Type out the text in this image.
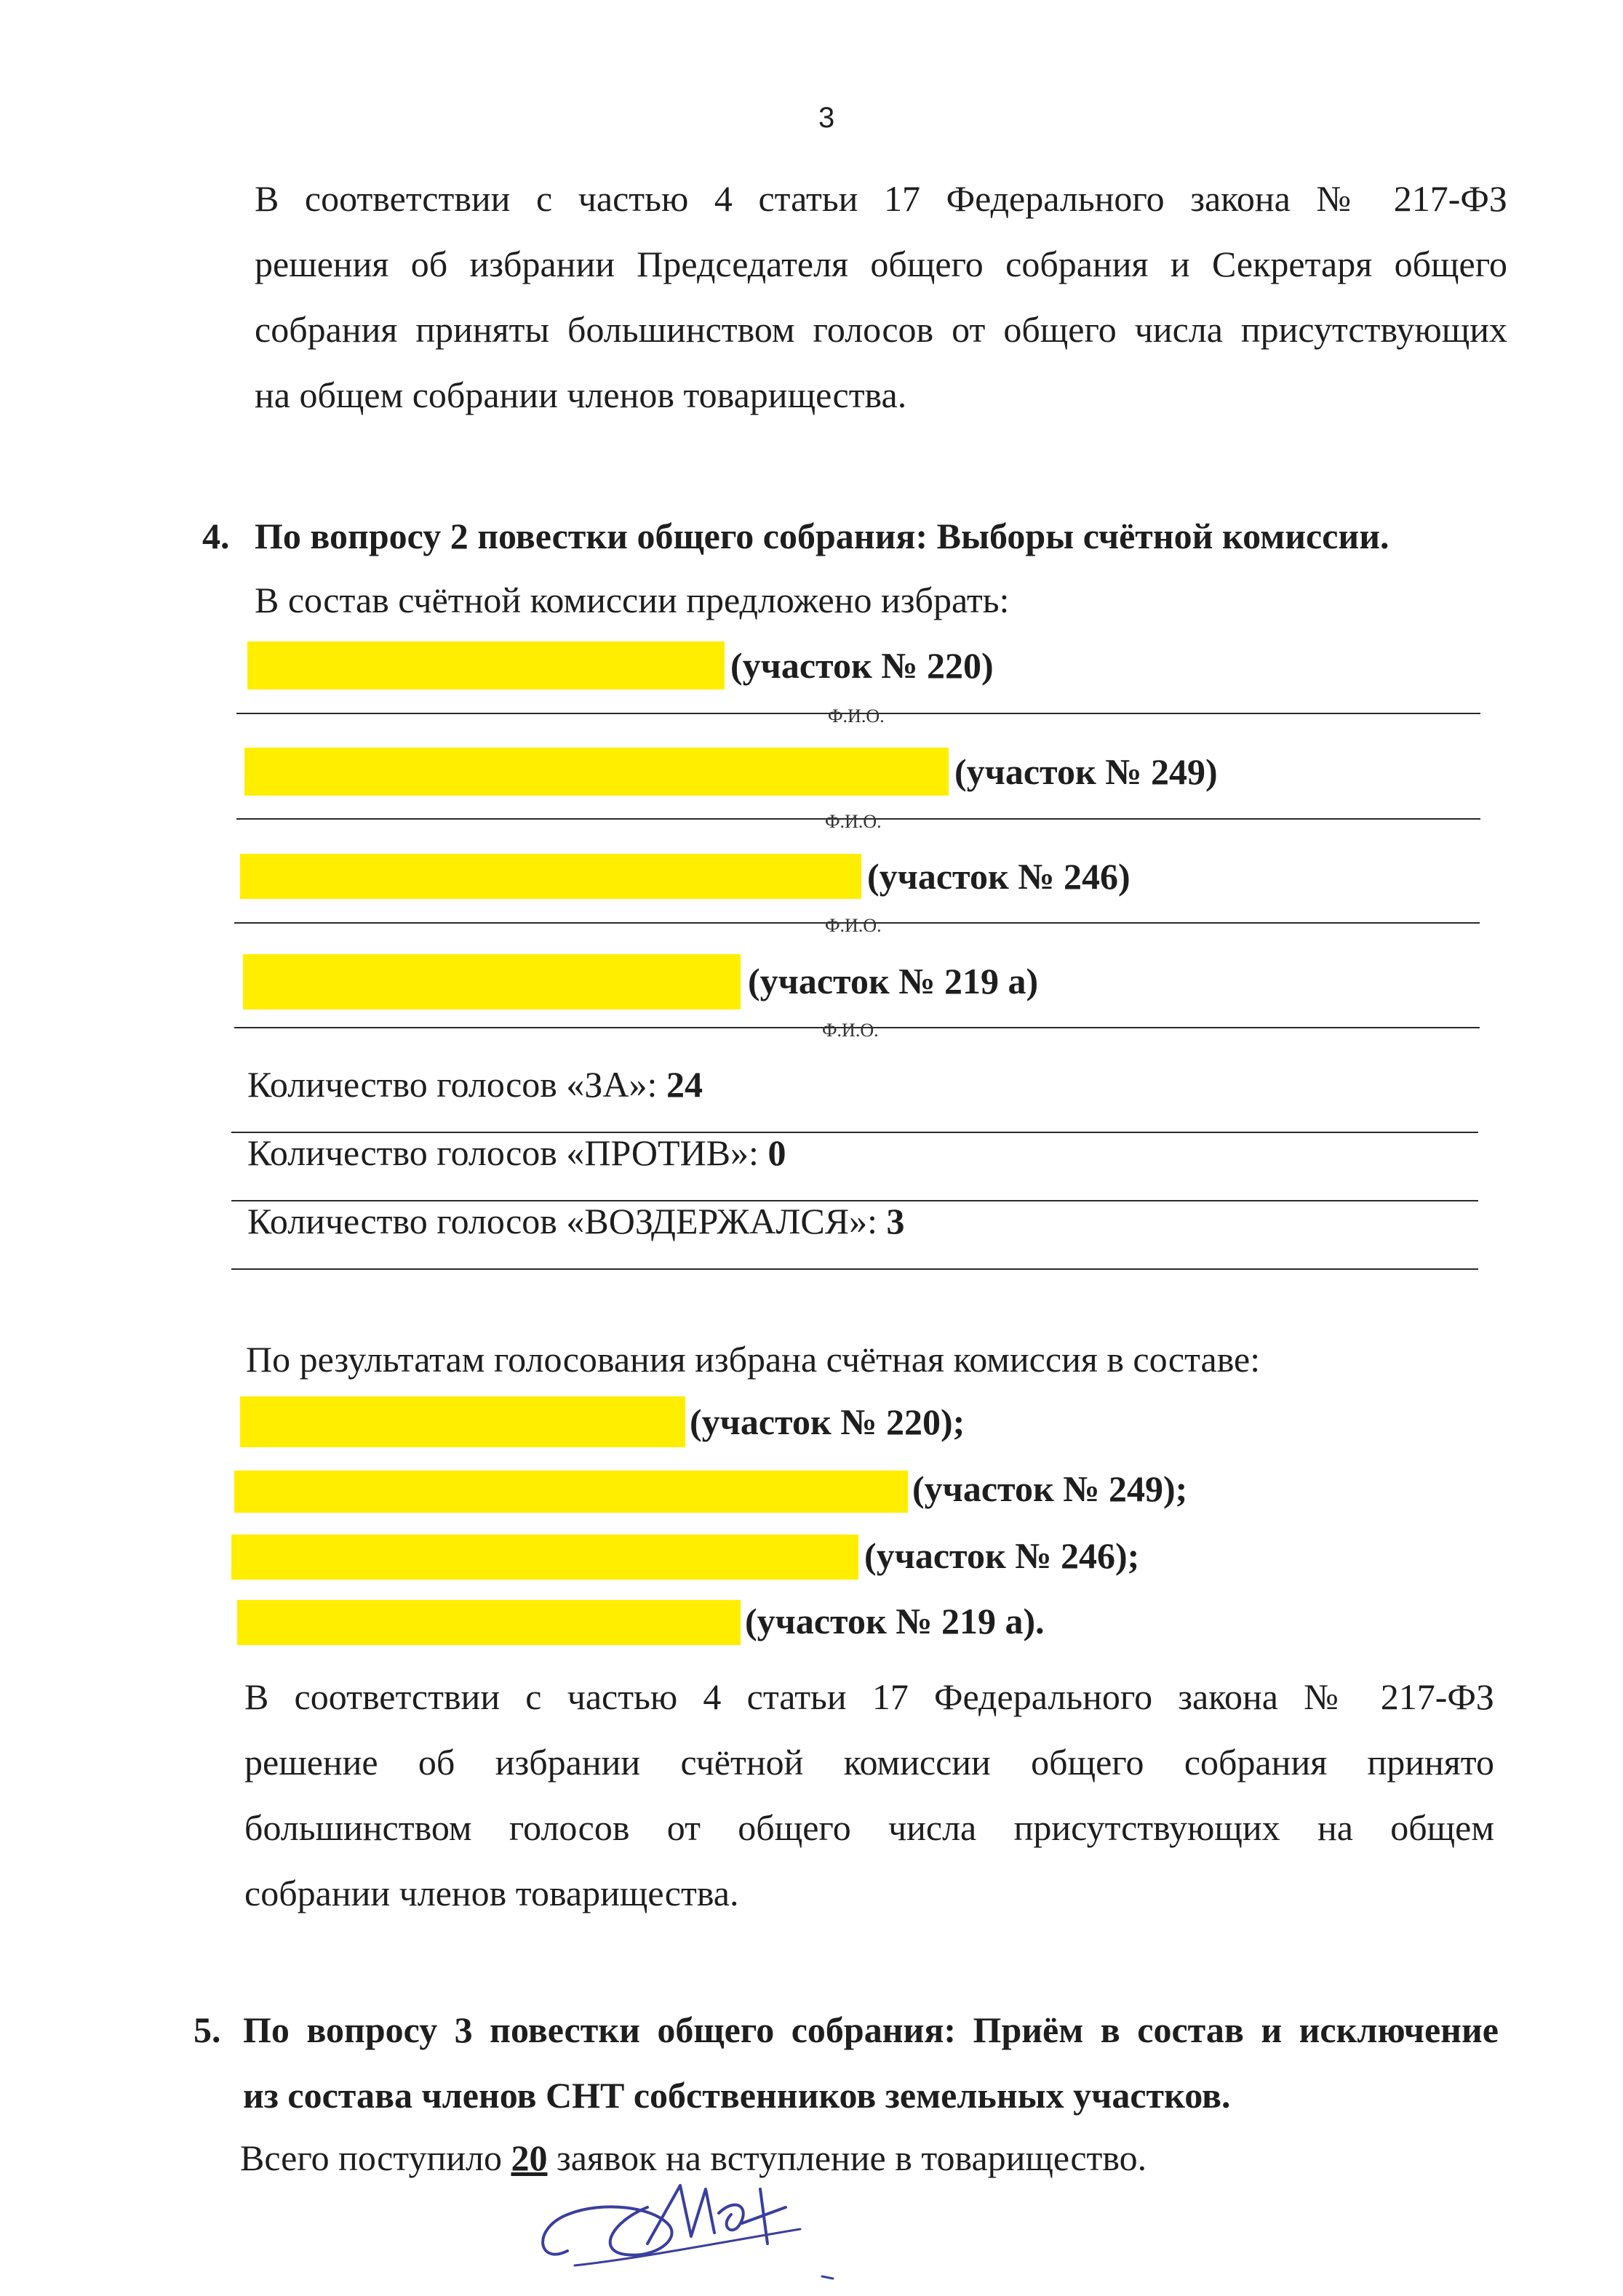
3
В соответствии с частью 4 статьи 17 Федерального закона № 217-ФЗ
решения об избрании Председателя общего собрания и Секретаря общего
собрания приняты большинством голосов от общего числа присутствующих
на общем собрании членов товарищества.
4. По вопросу 2 повестки общего собрания: Выборы счётной комиссии.
В состав счётной комиссии предложено избрать:
(участок № 220)
Ф.И.О.
(участок № 249)
Ф.И.О.
(участок № 246)
Ф.И.О.
(участок № 219 а)
Ф.И.О.
Количество голосов «ЗА»: 24
Количество голосов «ПРОТИВ»: 0
Количество голосов «ВОЗДЕРЖАЛСЯ»: 3
По результатам голосования избрана счётная комиссия в составе:
(участок № 220);
(участок № 249);
(участок № 246);
(участок № 219 а).
В соответствии с частью 4 статьи 17 Федерального закона № 217-ФЗ
решение об избрании счётной комиссии общего собрания принято
большинством голосов от общего числа присутствующих на общем
собрании членов товарищества.
5. По вопросу 3 повестки общего собрания: Приём в состав и исключение
из состава членов СНТ собственников земельных участков.
Всего поступило 20 заявок на вступление в товарищество.
